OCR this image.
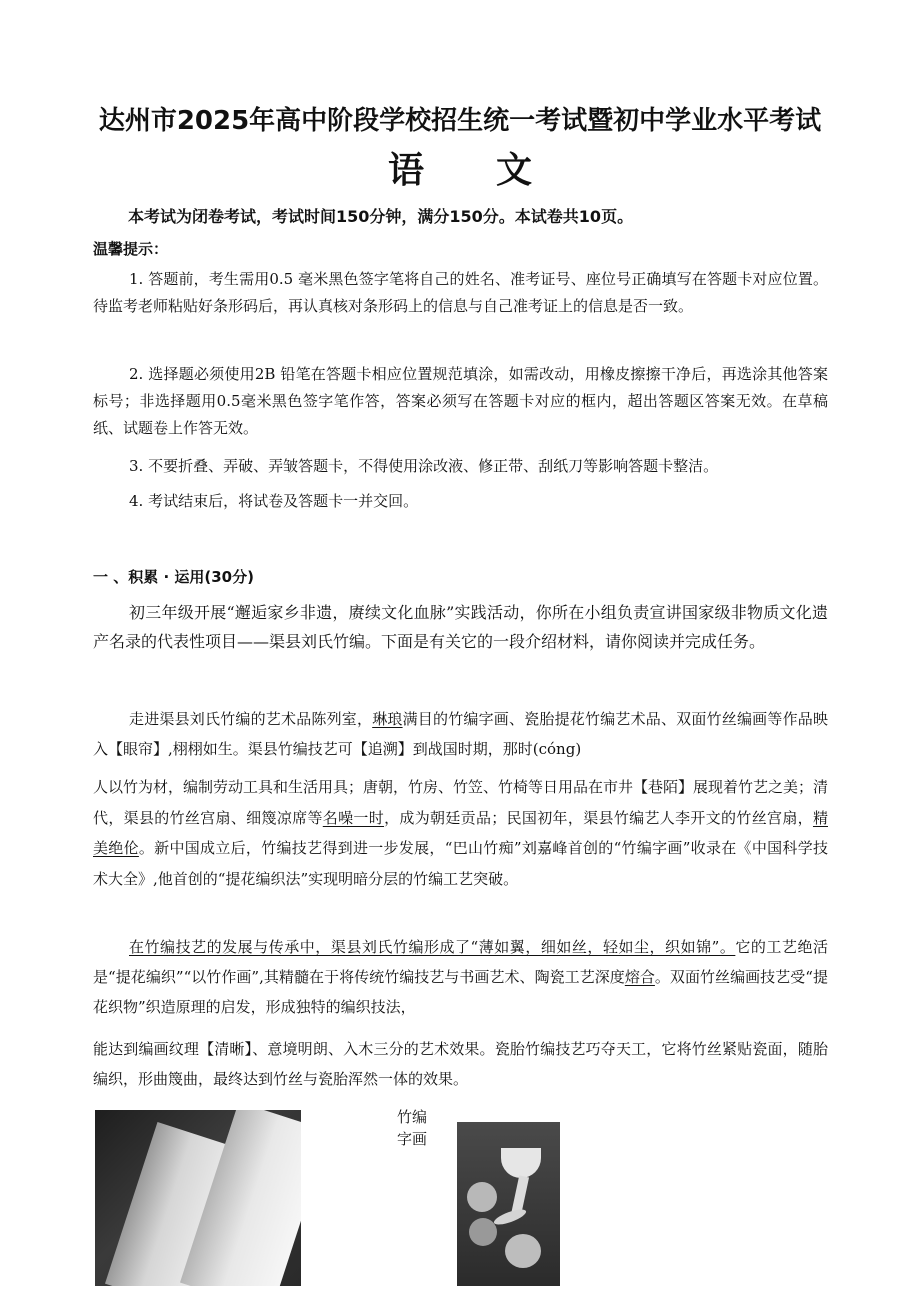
达州市2025年高中阶段学校招生统一考试暨初中学业水平考试
语　　文
本考试为闭卷考试，考试时间150分钟，满分150分。本试卷共10页。
温馨提示：

1. 答题前，考生需用0.5 毫米黑色签字笔将自己的姓名、准考证号、座位号正确填写在答题卡对应位置。待监考老师粘贴好条形码后，再认真核对条形码上的信息与自己准考证上的信息是否一致。

2. 选择题必须使用2B 铅笔在答题卡相应位置规范填涂，如需改动，用橡皮擦擦干净后，再选涂其他答案标号；非选择题用0.5毫米黑色签字笔作答，答案必须写在答题卡对应的框内，超出答题区答案无效。在草稿纸、试题卷上作答无效。

3. 不要折叠、弄破、弄皱答题卡，不得使用涂改液、修正带、刮纸刀等影响答题卡整洁。

4. 考试结束后，将试卷及答题卡一并交回。

一 、积累 · 运用(30分)

初三年级开展“邂逅家乡非遗，赓续文化血脉”实践活动，你所在小组负责宣讲国家级非物质文化遗产名录的代表性项目——渠县刘氏竹编。下面是有关它的一段介绍材料，请你阅读并完成任务。

走进渠县刘氏竹编的艺术品陈列室，琳琅满目的竹编字画、瓷胎提花竹编艺术品、双面竹丝编画等作品映入【眼帘】,栩栩如生。渠县竹编技艺可【追溯】到战国时期，那时(cóng)

人以竹为材，编制劳动工具和生活用具；唐朝，竹房、竹笠、竹椅等日用品在市井【巷陌】展现着竹艺之美；清代，渠县的竹丝宫扇、细篾凉席等名噪一时，成为朝廷贡品；民国初年，渠县竹编艺人李开文的竹丝宫扇，精美绝伦。新中国成立后，竹编技艺得到进一步发展，“巴山竹痴”刘嘉峰首创的“竹编字画”收录在《中国科学技术大全》,他首创的“提花编织法”实现明暗分层的竹编工艺突破。

在竹编技艺的发展与传承中，渠县刘氏竹编形成了“薄如翼，细如丝，轻如尘，织如锦”。它的工艺绝活是“提花编织”“以竹作画”,其精髓在于将传统竹编技艺与书画艺术、陶瓷工艺深度熔合。双面竹丝编画技艺受“提花织物”织造原理的启发，形成独特的编织技法，

能达到编画纹理【清晰】、意境明朗、入木三分的艺术效果。瓷胎竹编技艺巧夺天工，它将竹丝紧贴瓷面，随胎编织，形曲篾曲，最终达到竹丝与瓷胎浑然一体的效果。

竹编字画
